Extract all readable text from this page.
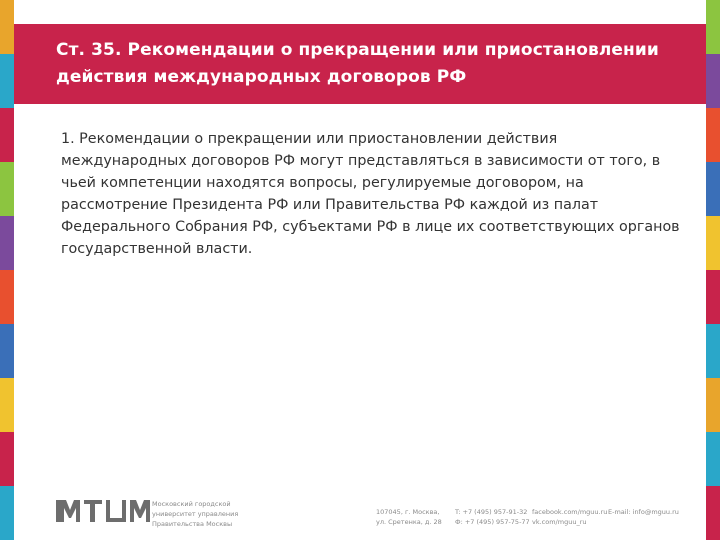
Ст. 35. Рекомендации о прекращении или приостановлении действия международных договоров РФ

1. Рекомендации о прекращении или приостановлении действия международных договоров РФ могут представляться в зависимости от того, в чьей компетенции находятся вопросы, регулируемые договором, на рассмотрение Президента РФ или Правительства РФ каждой из палат Федерального Собрания РФ, субъектами РФ в лице их соответствующих органов государственной власти.

Московский городской
университет управления
Правительства Москвы
107045, г. Москва,
ул. Сретенка, д. 28
T: +7 (495) 957-91-32
Ф: +7 (495) 957-75-77
facebook.com/mguu.ru
vk.com/mguu_ru
E-mail: info@mguu.ru
